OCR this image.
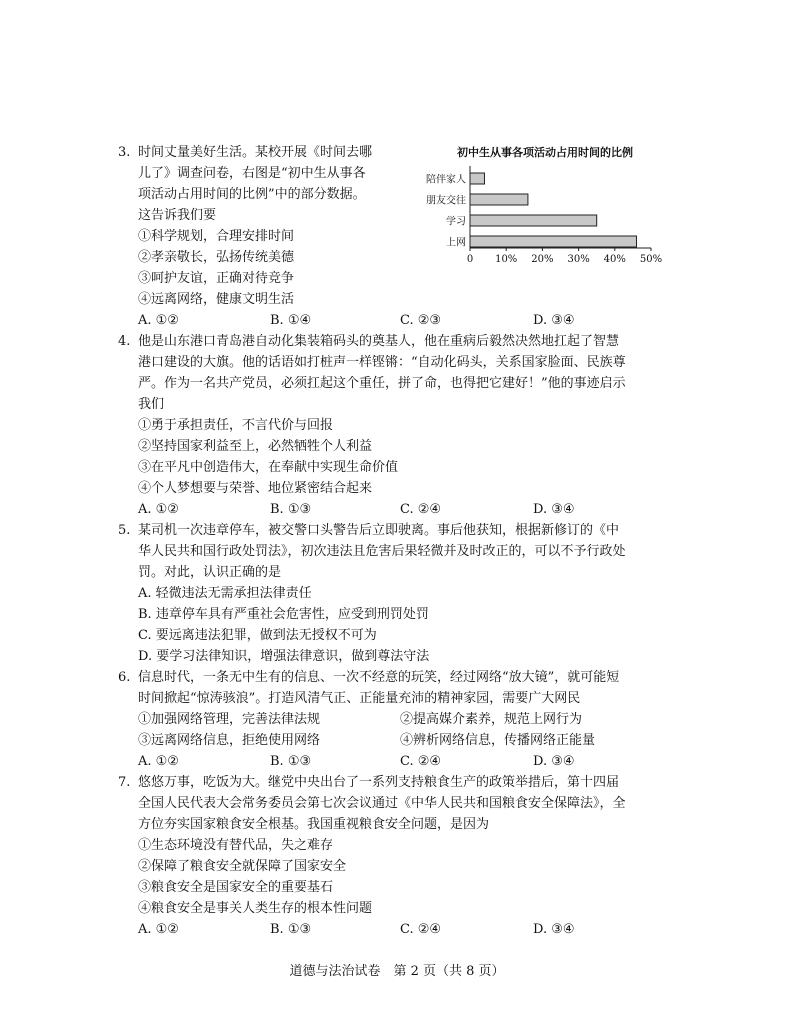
3. 时间丈量美好生活。某校开展《时间去哪
儿了》调查问卷，右图是“初中生从事各
项活动占用时间的比例”中的部分数据。
这告诉我们要
①科学规划，合理安排时间
②孝亲敬长，弘扬传统美德
③呵护友谊，正确对待竞争
④远离网络，健康文明生活
A. ①②	B. ①④	C. ②③	D. ③④
初中生从事各项活动占用时间的比例
陪伴家人
朋友交往
学习
上网
0 10% 20% 30% 40% 50%
4. 他是山东港口青岛港自动化集装箱码头的奠基人，他在重病后毅然决然地扛起了智慧
港口建设的大旗。他的话语如打桩声一样铿锵：“自动化码头，关系国家脸面、民族尊
严。作为一名共产党员，必须扛起这个重任，拼了命，也得把它建好！”他的事迹启示
我们
①勇于承担责任，不言代价与回报
②坚持国家利益至上，必然牺牲个人利益
③在平凡中创造伟大，在奉献中实现生命价值
④个人梦想要与荣誉、地位紧密结合起来
A. ①②	B. ①③	C. ②④	D. ③④
5. 某司机一次违章停车，被交警口头警告后立即驶离。事后他获知，根据新修订的《中
华人民共和国行政处罚法》，初次违法且危害后果轻微并及时改正的，可以不予行政处
罚。对此，认识正确的是
A. 轻微违法无需承担法律责任
B. 违章停车具有严重社会危害性，应受到刑罚处罚
C. 要远离违法犯罪，做到法无授权不可为
D. 要学习法律知识，增强法律意识，做到尊法守法
6. 信息时代，一条无中生有的信息、一次不经意的玩笑，经过网络“放大镜”，就可能短
时间掀起“惊涛骇浪”。打造风清气正、正能量充沛的精神家园，需要广大网民
①加强网络管理，完善法律法规	②提高媒介素养，规范上网行为
③远离网络信息，拒绝使用网络	④辨析网络信息，传播网络正能量
A. ①②	B. ①③	C. ②④	D. ③④
7. 悠悠万事，吃饭为大。继党中央出台了一系列支持粮食生产的政策举措后，第十四届
全国人民代表大会常务委员会第七次会议通过《中华人民共和国粮食安全保障法》，全
方位夯实国家粮食安全根基。我国重视粮食安全问题，是因为
①生态环境没有替代品，失之难存
②保障了粮食安全就保障了国家安全
③粮食安全是国家安全的重要基石
④粮食安全是事关人类生存的根本性问题
A. ①②	B. ①③	C. ②④	D. ③④
道德与法治试卷　第 2 页（共 8 页）
